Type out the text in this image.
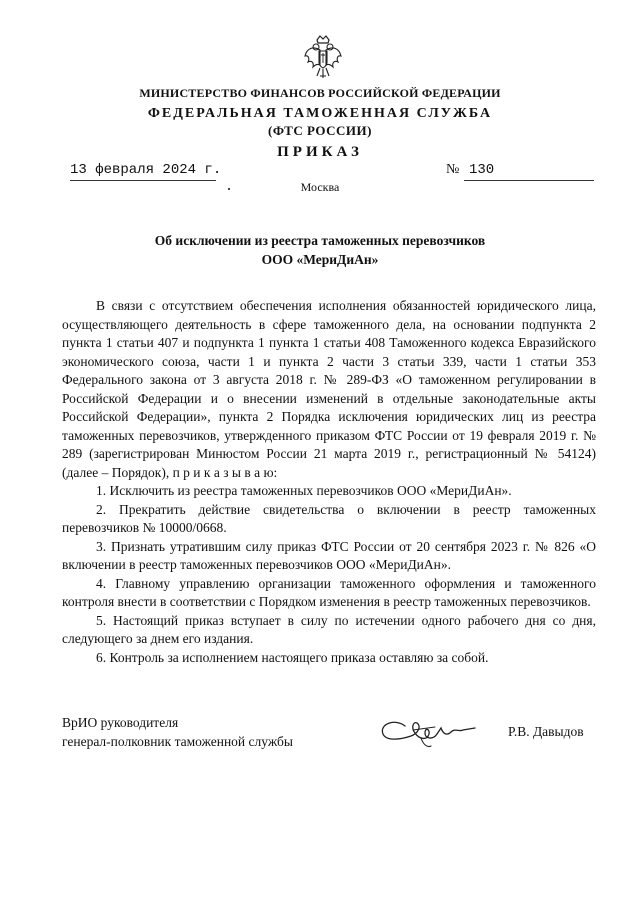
МИНИСТЕРСТВО ФИНАНСОВ РОССИЙСКОЙ ФЕДЕРАЦИИ
ФЕДЕРАЛЬНАЯ ТАМОЖЕННАЯ СЛУЖБА
(ФТС РОССИИ)
ПРИКАЗ
13 февраля 2024 г.	№ 130
Москва
Об исключении из реестра таможенных перевозчиков
ООО «МериДиАн»

В связи с отсутствием обеспечения исполнения обязанностей юридического лица, осуществляющего деятельность в сфере таможенного дела, на основании подпункта 2 пункта 1 статьи 407 и подпункта 1 пункта 1 статьи 408 Таможенного кодекса Евразийского экономического союза, части 1 и пункта 2 части 3 статьи 339, части 1 статьи 353 Федерального закона от 3 августа 2018 г. № 289-ФЗ «О таможенном регулировании в Российской Федерации и о внесении изменений в отдельные законодательные акты Российской Федерации», пункта 2 Порядка исключения юридических лиц из реестра таможенных перевозчиков, утвержденного приказом ФТС России от 19 февраля 2019 г. № 289 (зарегистрирован Минюстом России 21 марта 2019 г., регистрационный № 54124) (далее – Порядок), п р и к а з ы в а ю:

1. Исключить из реестра таможенных перевозчиков ООО «МериДиАн».

2. Прекратить действие свидетельства о включении в реестр таможенных перевозчиков № 10000/0668.

3. Признать утратившим силу приказ ФТС России от 20 сентября 2023 г. № 826 «О включении в реестр таможенных перевозчиков ООО «МериДиАн».

4. Главному управлению организации таможенного оформления и таможенного контроля внести в соответствии с Порядком изменения в реестр таможенных перевозчиков.

5. Настоящий приказ вступает в силу по истечении одного рабочего дня со дня, следующего за днем его издания.

6. Контроль за исполнением настоящего приказа оставляю за собой.

ВрИО руководителя
генерал-полковник таможенной службы
Р.В. Давыдов
